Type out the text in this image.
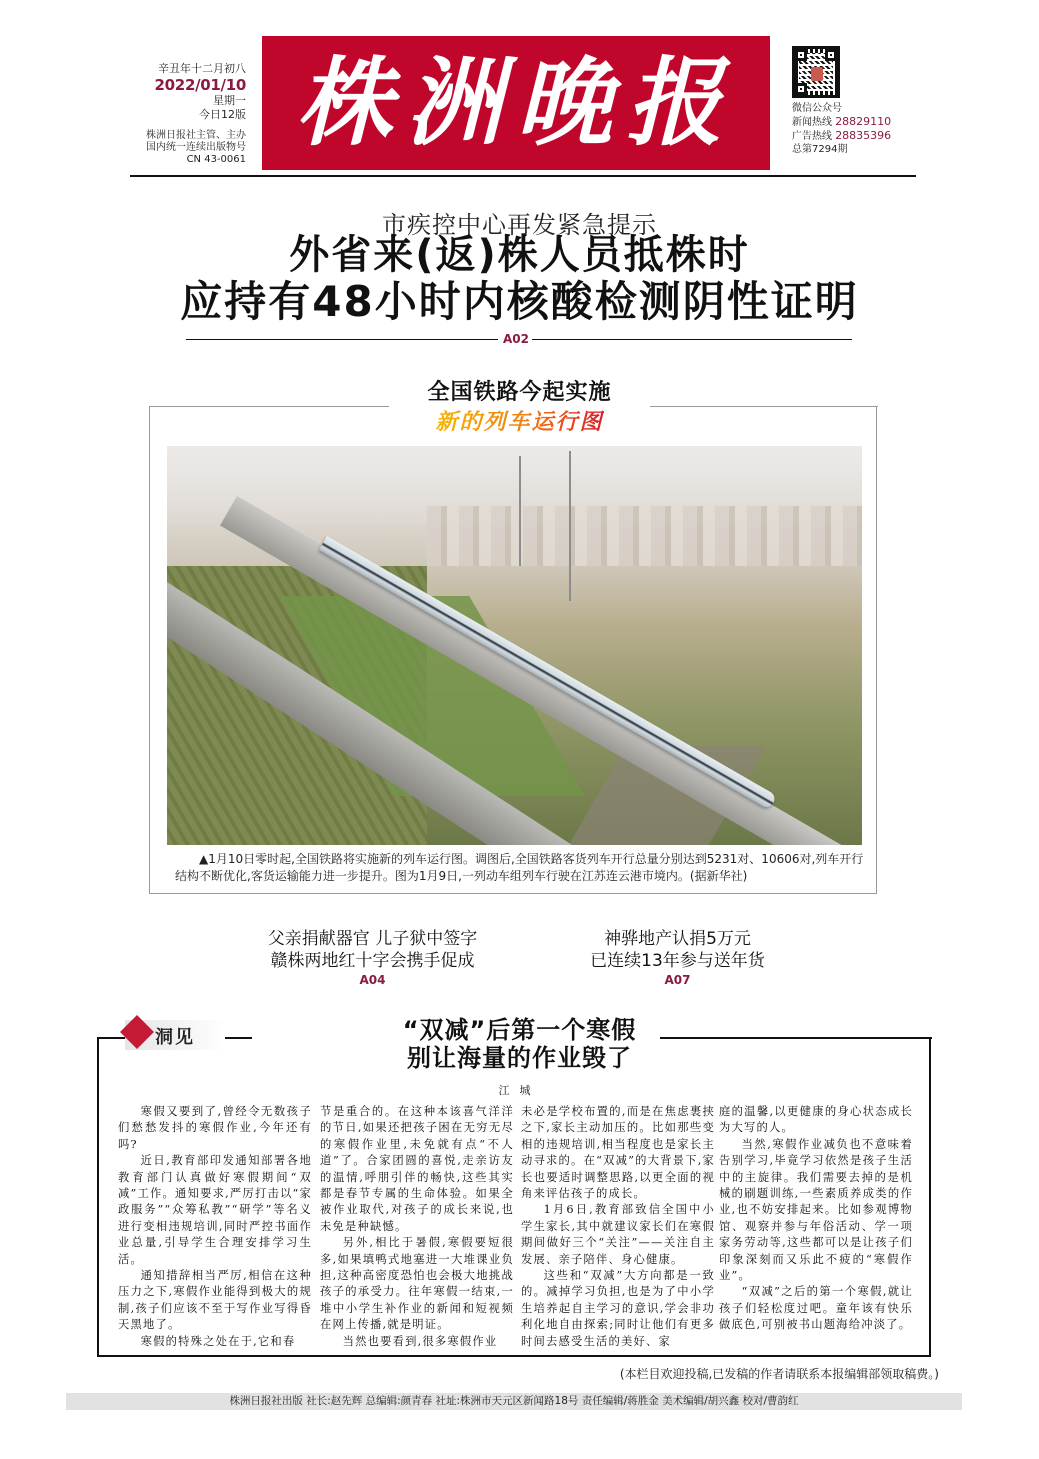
辛丑年十二月初八
2022/01/10
星期一
今日12版
株洲日报社主管、主办
国内统一连续出版物号
CN 43-0061
株洲晚报	微信公众号
新闻热线 28829110
广告热线 28835396
总第7294期
市疾控中心再发紧急提示
外省来(返)株人员抵株时
应持有48小时内核酸检测阴性证明
A02
全国铁路今起实施
新的列车运行图
▲1月10日零时起,全国铁路将实施新的列车运行图。调图后,全国铁路客货列车开行总量分别达到5231对、10606对,列车开行结构不断优化,客货运输能力进一步提升。图为1月9日,一列动车组列车行驶在江苏连云港市境内。(据新华社)
父亲捐献器官 儿子狱中签字
赣株两地红十字会携手促成
A04
神骅地产认捐5万元
已连续13年参与送年货
A07
洞见	“双减”后第一个寒假
别让海量的作业毁了
江城

寒假又要到了,曾经令无数孩子们愁愁发抖的寒假作业,今年还有吗?

近日,教育部印发通知部署各地教育部门认真做好寒假期间“双减”工作。通知要求,严厉打击以“家政服务”“众筹私教”“研学”等名义进行变相违规培训,同时严控书面作业总量,引导学生合理安排学习生活。

通知措辞相当严厉,相信在这种压力之下,寒假作业能得到极大的规制,孩子们应该不至于写作业写得昏天黑地了。

寒假的特殊之处在于,它和春

节是重合的。在这种本该喜气洋洋的节日,如果还把孩子困在无穷无尽的寒假作业里,未免就有点“不人道”了。合家团圆的喜悦,走亲访友的温情,呼朋引伴的畅快,这些其实都是春节专属的生命体验。如果全被作业取代,对孩子的成长来说,也未免是种缺憾。

另外,相比于暑假,寒假要短很多,如果填鸭式地塞进一大堆课业负担,这种高密度恐怕也会极大地挑战孩子的承受力。往年寒假一结束,一堆中小学生补作业的新闻和短视频在网上传播,就是明证。

当然也要看到,很多寒假作业

未必是学校布置的,而是在焦虑裹挟之下,家长主动加压的。比如那些变相的违规培训,相当程度也是家长主动寻求的。在“双减”的大背景下,家长也要适时调整思路,以更全面的视角来评估孩子的成长。

1月6日,教育部致信全国中小学生家长,其中就建议家长们在寒假期间做好三个“关注”——关注自主发展、亲子陪伴、身心健康。

这些和“双减”大方向都是一致的。减掉学习负担,也是为了中小学生培养起自主学习的意识,学会非功利化地自由探索;同时让他们有更多时间去感受生活的美好、家

庭的温馨,以更健康的身心状态成长为大写的人。

当然,寒假作业减负也不意味着告别学习,毕竟学习依然是孩子生活中的主旋律。我们需要去掉的是机械的刷题训练,一些素质养成类的作业,也不妨安排起来。比如参观博物馆、观察并参与年俗活动、学一项家务劳动等,这些都可以是让孩子们印象深刻而又乐此不疲的“寒假作业”。

“双减”之后的第一个寒假,就让孩子们轻松度过吧。童年该有快乐做底色,可别被书山题海给冲淡了。

(本栏目欢迎投稿,已发稿的作者请联系本报编辑部领取稿费。)
株洲日报社出版 社长:赵先辉 总编辑:颜青春 社址:株洲市天元区新闻路18号 责任编辑/蒋胜金 美术编辑/胡兴鑫 校对/曹韵红
